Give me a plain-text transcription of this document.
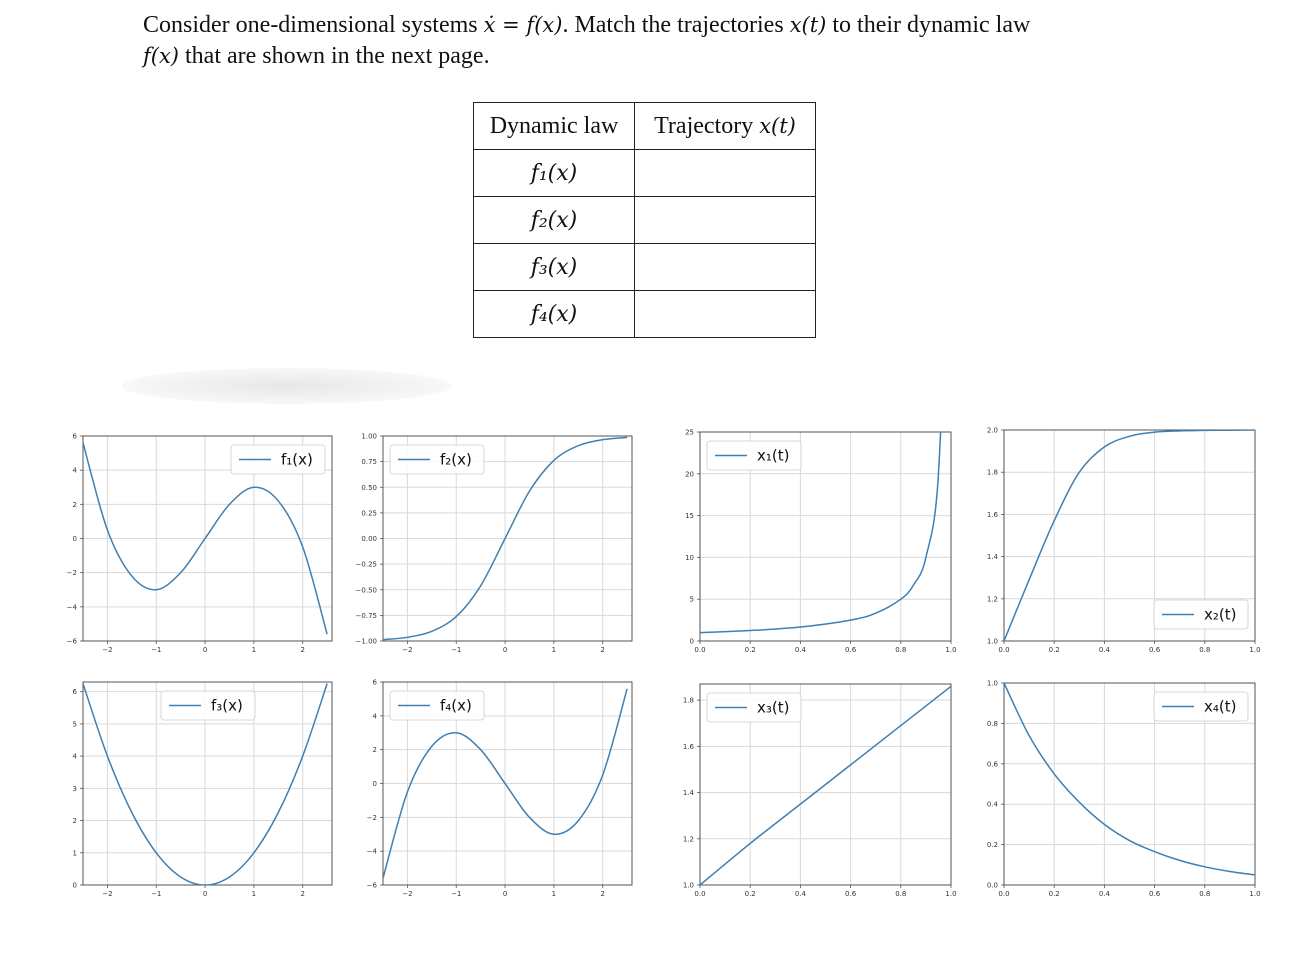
Consider one-dimensional systems ẋ = f(x). Match the trajectories x(t) to their dynamic law
f(x) that are shown in the next page.
Dynamic law	Trajectory x(t)
f₁(x)	
f₂(x)	
f₃(x)	
f₄(x)	
−2	−1	0	1	2
−6
−4
−2
0
2
4
6
f₁(x)
−2	−1	0	1	2
−1.00
−0.75
−0.50
−0.25
0.00
0.25
0.50
0.75
1.00
f₂(x)
0.0	0.2	0.4	0.6	0.8	1.0
0
5
10
15
20
25
x₁(t)
0.0	0.2	0.4	0.6	0.8	1.0
1.0
1.2
1.4
1.6
1.8
2.0
x₂(t)
−2	−1	0	1	2
0
1
2
3
4
5
6
f₃(x)
−2	−1	0	1	2
−6
−4
−2
0
2
4
6
f₄(x)
0.0	0.2	0.4	0.6	0.8	1.0
1.0
1.2
1.4
1.6
1.8	x₃(t)
0.0	0.2	0.4	0.6	0.8	1.0
0.0
0.2
0.4
0.6
0.8
1.0
x₄(t)
